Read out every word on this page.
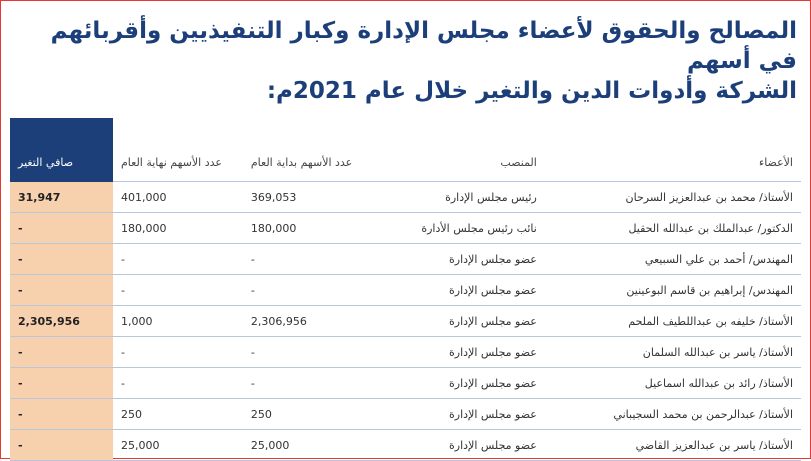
المصالح والحقوق لأعضاء مجلس الإدارة وكبار التنفيذيين وأقربائهم في أسهم
الشركة وأدوات الدين والتغير خلال عام 2021م:
الأعضاء	المنصب	عدد الأسهم بداية العام	عدد الأسهم نهاية العام	صافي التغير
الأستاذ/ محمد بن عبدالعزيز السرحان	رئيس مجلس الإدارة	369,053	401,000	31,947
الدكتور/ عبدالملك بن عبدالله الحقيل	نائب رئيس مجلس الأدارة	180,000	180,000	-
المهندس/ أحمد بن علي السبيعي	عضو مجلس الإدارة	-	-	-
المهندس/ إبراهيم بن قاسم البوعينين	عضو مجلس الإدارة	-	-	-
الأستاذ/ خليفه بن عبداللطيف الملحم	عضو مجلس الإدارة	2,306,956	1,000	2,305,956
الأستاذ/ ياسر بن عبدالله السلمان	عضو مجلس الإدارة	-	-	-
الأستاذ/ رائد بن عبدالله اسماعيل	عضو مجلس الإدارة	-	-	-
الأستاذ/ عبدالرحمن بن محمد السجيباني	عضو مجلس الإدارة	250	250	-
الأستاذ/ ياسر بن عبدالعزيز القاضي	عضو مجلس الإدارة	25,000	25,000	-
